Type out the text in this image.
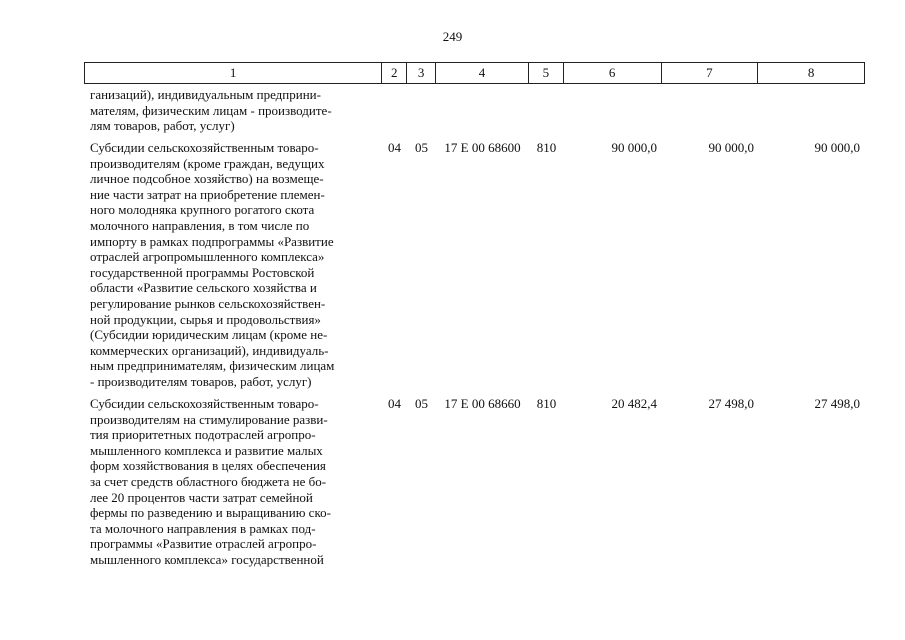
249
1	2	3	4	5	6	7	8
ганизаций), индивидуальным предприни-
мателям, физическим лицам - производите-
лям товаров, работ, услуг)
Субсидии сельскохозяйственным товаро-
производителям (кроме граждан, ведущих
личное подсобное хозяйство) на возмеще-
ние части затрат на приобретение племен-
ного молодняка крупного рогатого скота
молочного направления, в том числе по
импорту в рамках подпрограммы «Развитие
отраслей агропромышленного комплекса»
государственной программы Ростовской
области «Развитие сельского хозяйства и
регулирование рынков сельскохозяйствен-
ной продукции, сырья и продовольствия»
(Субсидии юридическим лицам (кроме не-
коммерческих организаций), индивидуаль-
ным предпринимателям, физическим лицам
- производителям товаров, работ, услуг)
04	05	17 Е 00 68600	810	90 000,0	90 000,0	90 000,0
Субсидии сельскохозяйственным товаро-
производителям на стимулирование разви-
тия приоритетных подотраслей агропро-
мышленного комплекса и развитие малых
форм хозяйствования в целях обеспечения
за счет средств областного бюджета не бо-
лее 20 процентов части затрат семейной
фермы по разведению и выращиванию ско-
та молочного направления в рамках под-
программы «Развитие отраслей агропро-
мышленного комплекса» государственной
04	05	17 Е 00 68660	810	20 482,4	27 498,0	27 498,0
